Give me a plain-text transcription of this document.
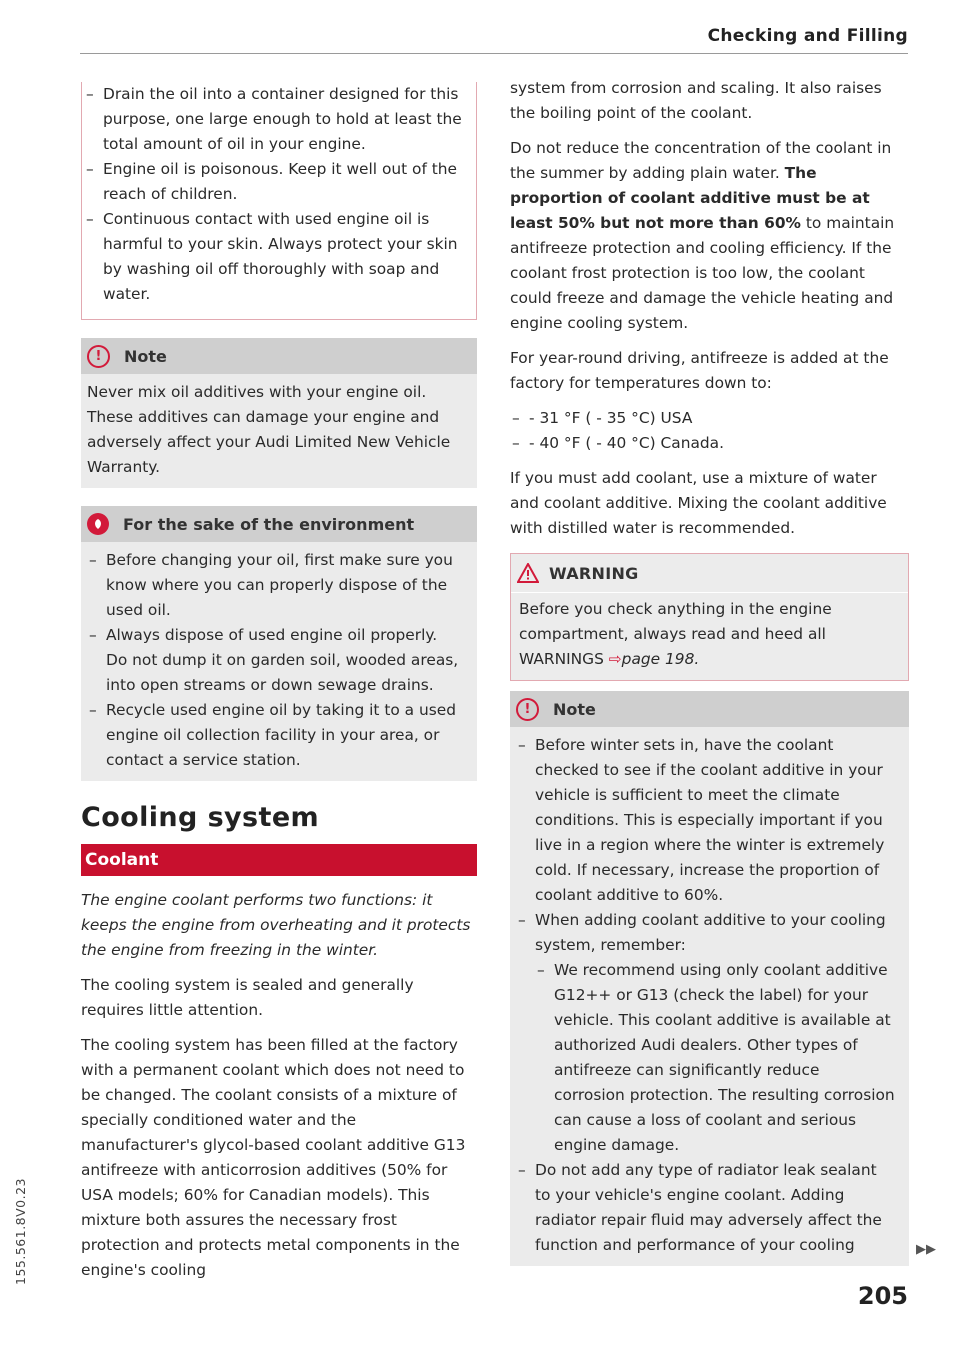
Checking and Filling
– Drain the oil into a container designed for this purpose, one large enough to hold at least the total amount of oil in your engine.
– Engine oil is poisonous. Keep it well out of the reach of children.
– Continuous contact with used engine oil is harmful to your skin. Always protect your skin by washing oil off thoroughly with soap and water.
!	Note
Never mix oil additives with your engine oil. These additives can damage your engine and adversely affect your Audi Limited New Vehicle Warranty.
For the sake of the environment
– Before changing your oil, first make sure you know where you can properly dispose of the used oil.
– Always dispose of used engine oil properly. Do not dump it on garden soil, wooded areas, into open streams or down sewage drains.
– Recycle used engine oil by taking it to a used engine oil collection facility in your area, or contact a service station.
Cooling system
Coolant

The engine coolant performs two functions: it keeps the engine from overheating and it protects the engine from freezing in the winter.

The cooling system is sealed and generally requires little attention.

The cooling system has been filled at the factory with a permanent coolant which does not need to be changed. The coolant consists of a mixture of specially conditioned water and the manufacturer's glycol-based coolant additive G13 antifreeze with anticorrosion additives (50% for USA models; 60% for Canadian models). This mixture both assures the necessary frost protection and protects metal components in the engine's cooling

system from corrosion and scaling. It also raises the boiling point of the coolant.

Do not reduce the concentration of the coolant in the summer by adding plain water. The proportion of coolant additive must be at least 50% but not more than 60% to maintain antifreeze protection and cooling efficiency. If the coolant frost protection is too low, the coolant could freeze and damage the vehicle heating and engine cooling system.

For year-round driving, antifreeze is added at the factory for temperatures down to:

– - 31 °F ( - 35 °C) USA
– - 40 °F ( - 40 °C) Canada.

If you must add coolant, use a mixture of water and coolant additive. Mixing the coolant additive with distilled water is recommended.

WARNING
Before you check anything in the engine compartment, always read and heed all WARNINGS ⇨page 198.
!	Note
– Before winter sets in, have the coolant checked to see if the coolant additive in your vehicle is sufficient to meet the climate conditions. This is especially important if you live in a region where the winter is extremely cold. If necessary, increase the proportion of coolant additive to 60%.
– When adding coolant additive to your cooling system, remember:
– We recommend using only coolant additive G12++ or G13 (check the label) for your vehicle. This coolant additive is available at authorized Audi dealers. Other types of antifreeze can significantly reduce corrosion protection. The resulting corrosion can cause a loss of coolant and serious engine damage.
– Do not add any type of radiator leak sealant to your vehicle's engine coolant. Adding radiator repair fluid may adversely affect the function and performance of your cooling	▶▶
205
155.561.8V0.23
